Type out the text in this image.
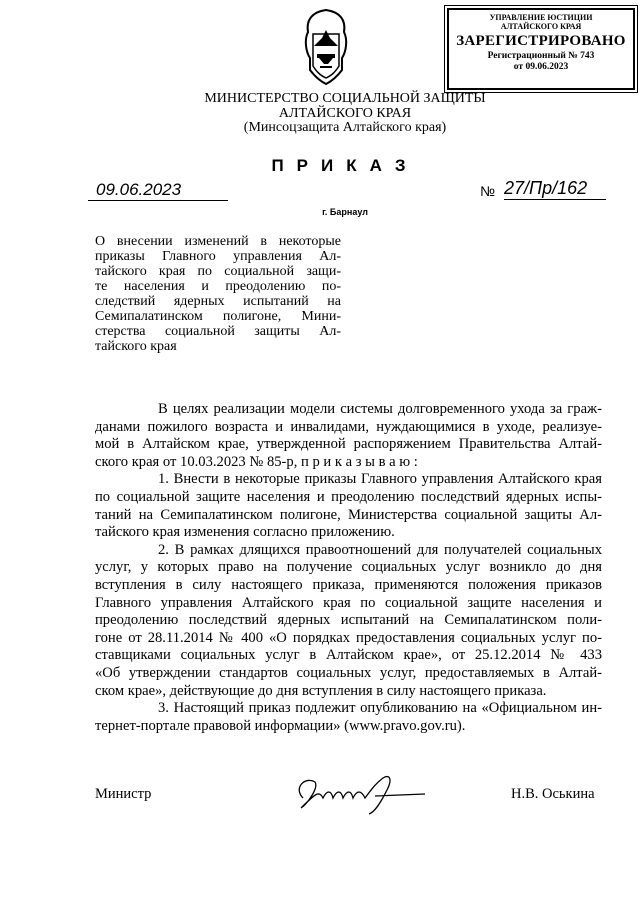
УПРАВЛЕНИЕ ЮСТИЦИИ
АЛТАЙСКОГО КРАЯ
ЗАРЕГИСТРИРОВАНО
Регистрационный № 743
от 09.06.2023
МИНИСТЕРСТВО СОЦИАЛЬНОЙ ЗАЩИТЫ
АЛТАЙСКОГО КРАЯ
(Минсоцзащита Алтайского края)
ПРИКАЗ
09.06.2023	№ 27/Пр/162
г. Барнаул
О внесении изменений в некоторые
приказы Главного управления Ал-
тайского края по социальной защи-
те населения и преодолению по-
следствий ядерных испытаний на
Семипалатинском полигоне, Мини-
стерства социальной защиты Ал-
тайского края
В целях реализации модели системы долговременного ухода за граж-
данами пожилого возраста и инвалидами, нуждающимися в уходе, реализуе-
мой в Алтайском крае, утвержденной распоряжением Правительства Алтай-
ского края от 10.03.2023 № 85-р, п р и к а з ы в а ю :
1. Внести в некоторые приказы Главного управления Алтайского края
по социальной защите населения и преодолению последствий ядерных испы-
таний на Семипалатинском полигоне, Министерства социальной защиты Ал-
тайского края изменения согласно приложению.
2. В рамках длящихся правоотношений для получателей социальных
услуг, у которых право на получение социальных услуг возникло до дня
вступления в силу настоящего приказа, применяются положения приказов
Главного управления Алтайского края по социальной защите населения и
преодолению последствий ядерных испытаний на Семипалатинском поли-
гоне от 28.11.2014 № 400 «О порядках предоставления социальных услуг по-
ставщиками социальных услуг в Алтайском крае», от 25.12.2014 № 433
«Об утверждении стандартов социальных услуг, предоставляемых в Алтай-
ском крае», действующие до дня вступления в силу настоящего приказа.
3. Настоящий приказ подлежит опубликованию на «Официальном ин-
тернет-портале правовой информации» (www.pravo.gov.ru).
Министр	Н.В. Оськина
